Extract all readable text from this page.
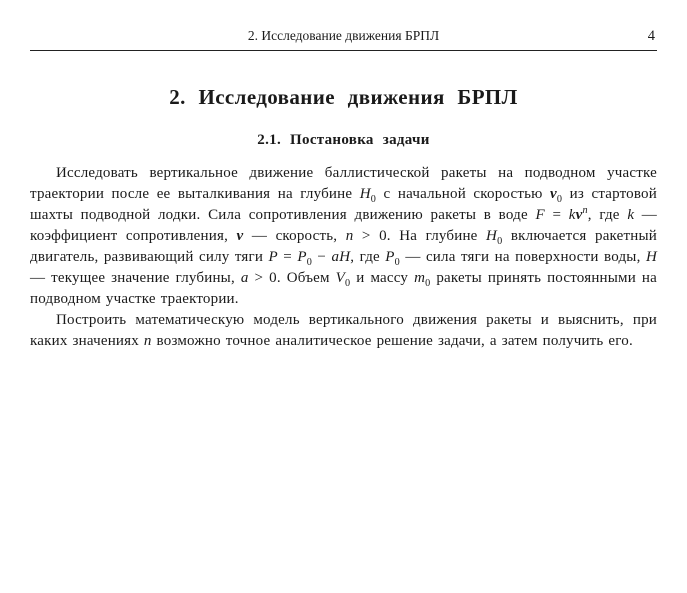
2. Исследование движения БРПЛ	4
2. Исследование движения БРПЛ
2.1. Постановка задачи

Исследовать вертикальное движение баллистической ракеты на подводном участке траектории после ее выталкивания на глубине $H_0$ с начальной скоростью $v_0$ из стартовой шахты подводной лодки. Сила сопротивления движению ракеты в воде $F = kv^n$, где k — коэффициент сопротивления, v — скорость, n > 0. На глубине $H_0$ включается ракетный двигатель, развивающий силу тяги $P = P_0$ − aH, где $P_0$ — сила тяги на поверхности воды, H — текущее значение глубины, a > 0. Объем $V_0$ и массу $m_0$ ракеты принять постоянными на подводном участке траектории.

Построить математическую модель вертикального движения ракеты и выяснить, при каких значениях n возможно точное аналитическое решение задачи, а затем получить его.
